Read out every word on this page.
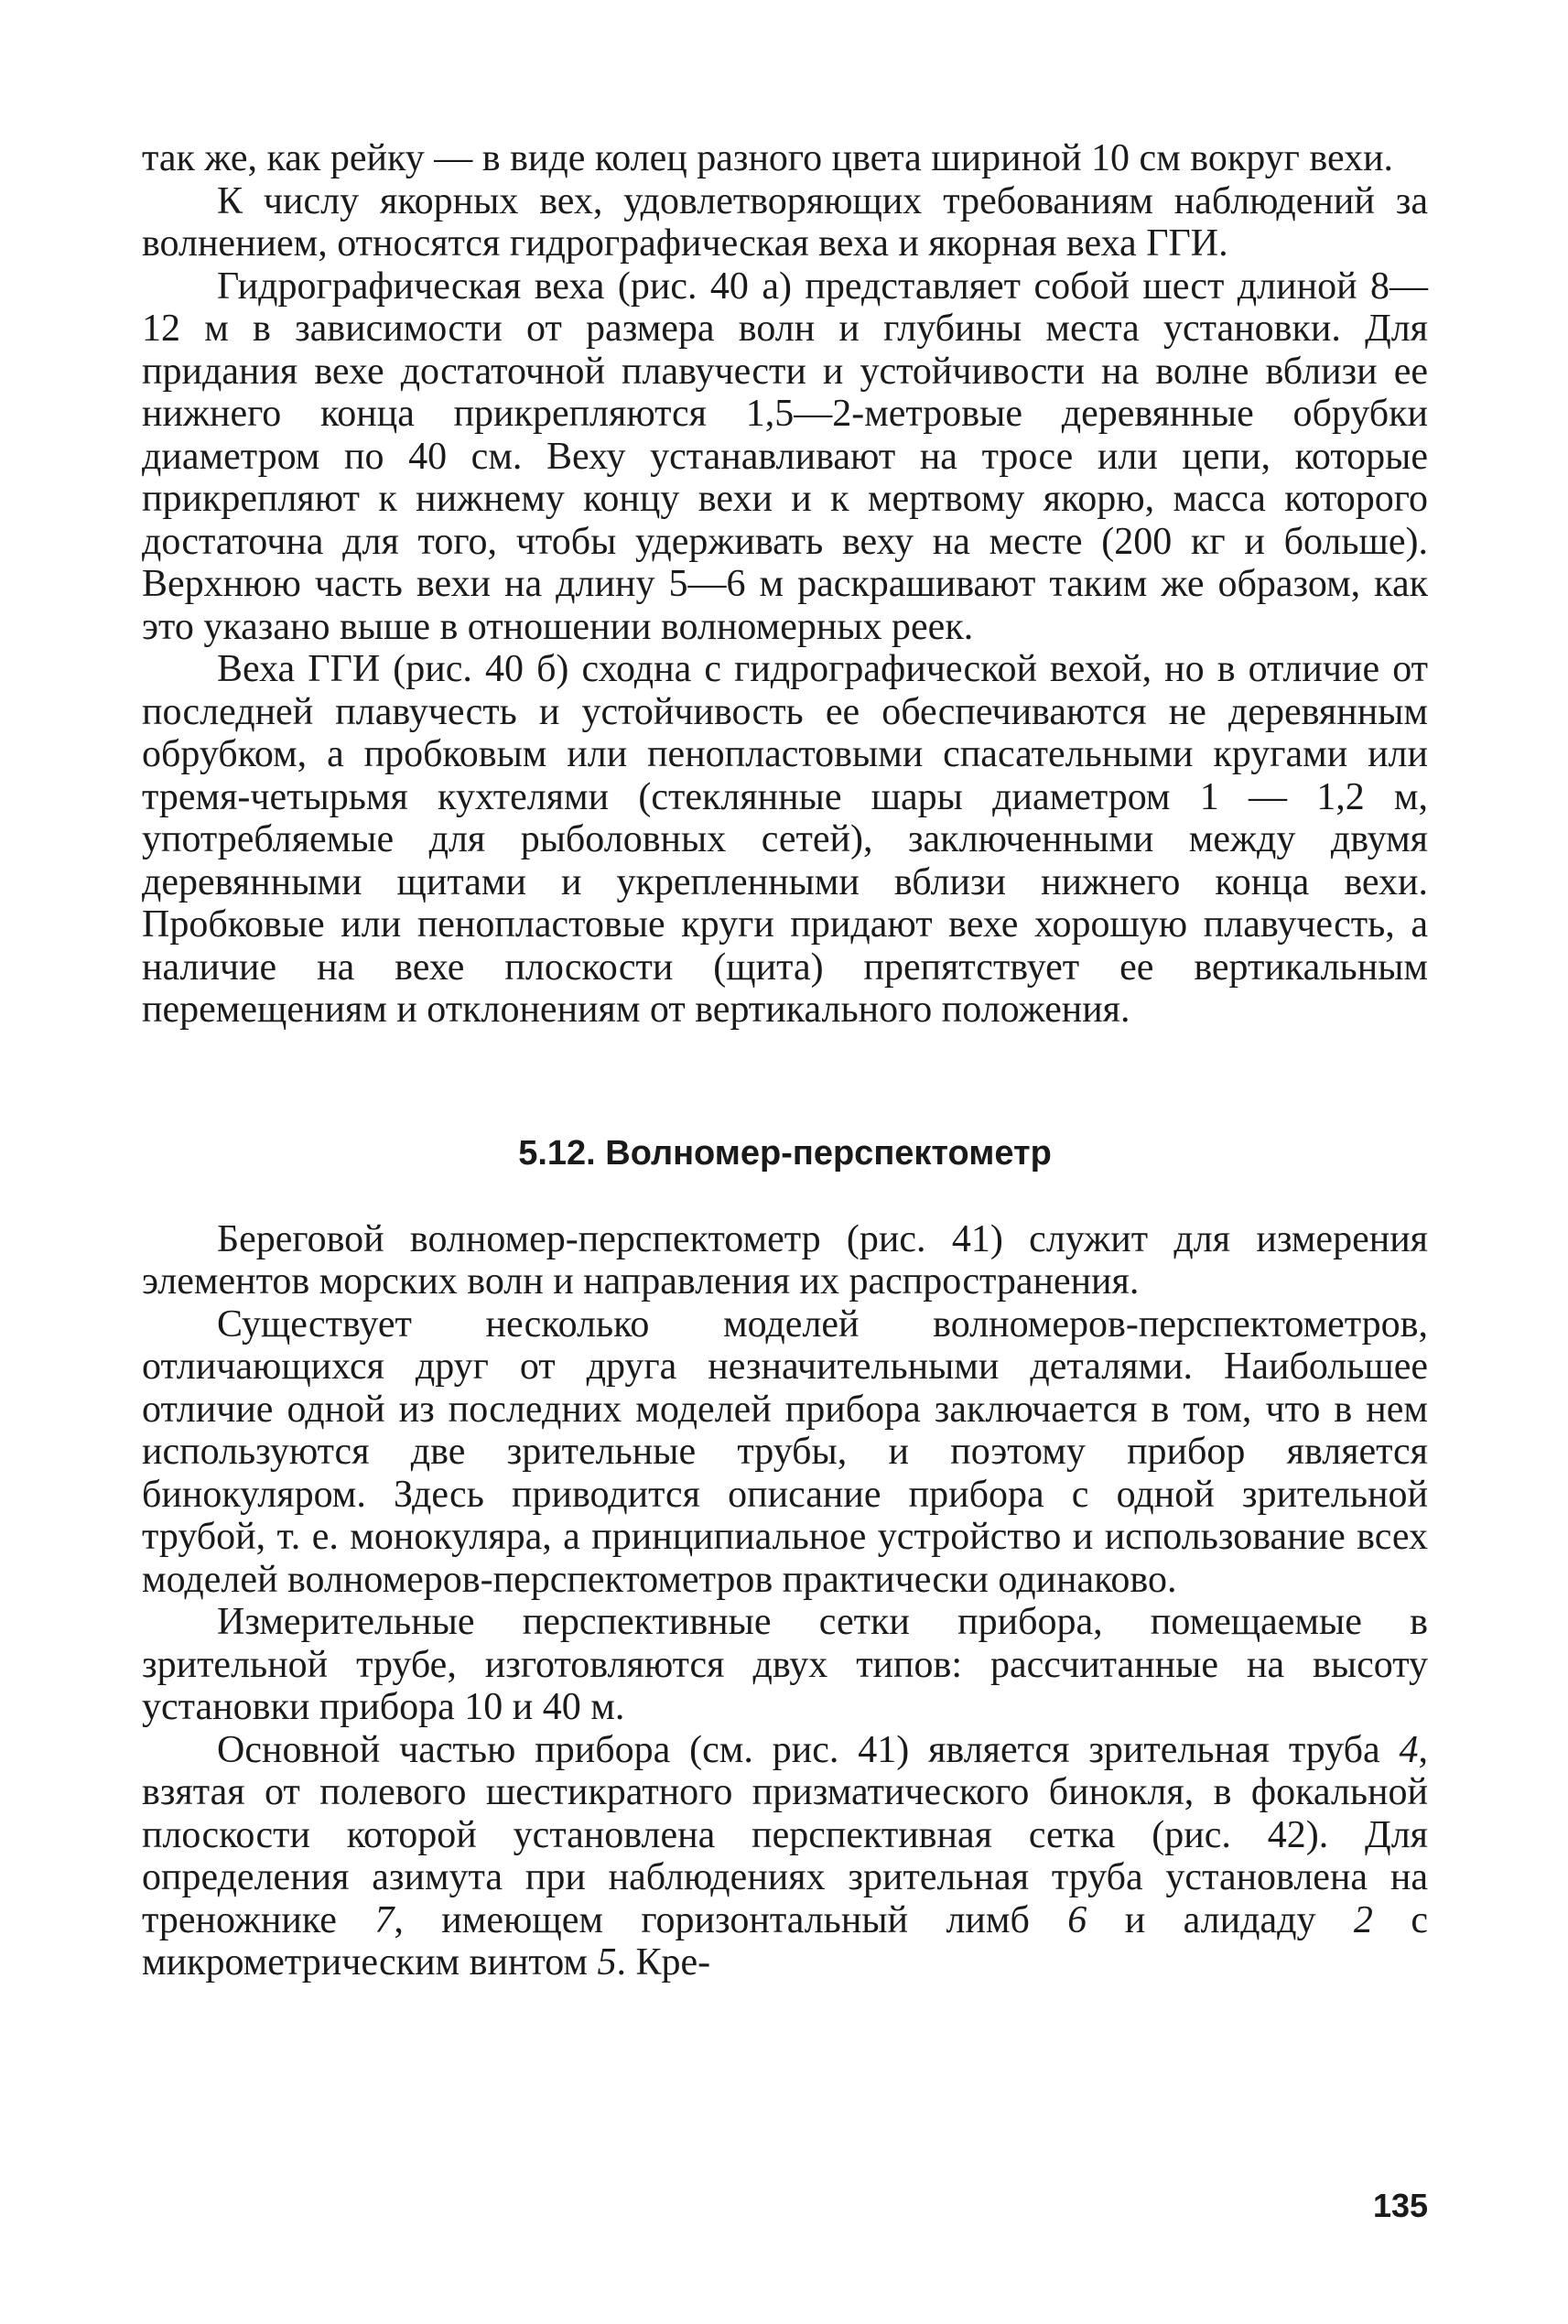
так же, как рейку — в виде колец разного цвета шириной 10 см вокруг вехи.

К числу якорных вех, удовлетворяющих требованиям наблюдений за волнением, относятся гидрографическая веха и якорная веха ГГИ.

Гидрографическая веха (рис. 40 а) представляет собой шест длиной 8—12 м в зависимости от размера волн и глубины места установки. Для придания вехе достаточной плавучести и устойчивости на волне вблизи ее нижнего конца прикрепляются 1,5—2-метровые деревянные обрубки диаметром по 40 см. Веху устанавливают на тросе или цепи, которые прикрепляют к нижнему концу вехи и к мертвому якорю, масса которого достаточна для того, чтобы удерживать веху на месте (200 кг и больше). Верхнюю часть вехи на длину 5—6 м раскрашивают таким же образом, как это указано выше в отношении волномерных реек.

Веха ГГИ (рис. 40 б) сходна с гидрографической вехой, но в отличие от последней плавучесть и устойчивость ее обеспечиваются не деревянным обрубком, а пробковым или пенопластовыми спасательными кругами или тремя-четырьмя кухтелями (стеклянные шары диаметром 1 — 1,2 м, употребляемые для рыболовных сетей), заключенными между двумя деревянными щитами и укрепленными вблизи нижнего конца вехи. Пробковые или пенопластовые круги придают вехе хорошую плавучесть, а наличие на вехе плоскости (щита) препятствует ее вертикальным перемещениям и отклонениям от вертикального положения.

5.12. Волномер-перспектометр

Береговой волномер-перспектометр (рис. 41) служит для измерения элементов морских волн и направления их распространения.

Существует несколько моделей волномеров-перспектометров, отличающихся друг от друга незначительными деталями. Наибольшее отличие одной из последних моделей прибора заключается в том, что в нем используются две зрительные трубы, и поэтому прибор является бинокуляром. Здесь приводится описание прибора с одной зрительной трубой, т. е. монокуляра, а принципиальное устройство и использование всех моделей волномеров-перспектометров практически одинаково.

Измерительные перспективные сетки прибора, помещаемые в зрительной трубе, изготовляются двух типов: рассчитанные на высоту установки прибора 10 и 40 м.

Основной частью прибора (см. рис. 41) является зрительная труба 4, взятая от полевого шестикратного призматического бинокля, в фокальной плоскости которой установлена перспективная сетка (рис. 42). Для определения азимута при наблюдениях зрительная труба установлена на треножнике 7, имеющем горизонтальный лимб 6 и алидаду 2 с микрометрическим винтом 5. Кре-

135
